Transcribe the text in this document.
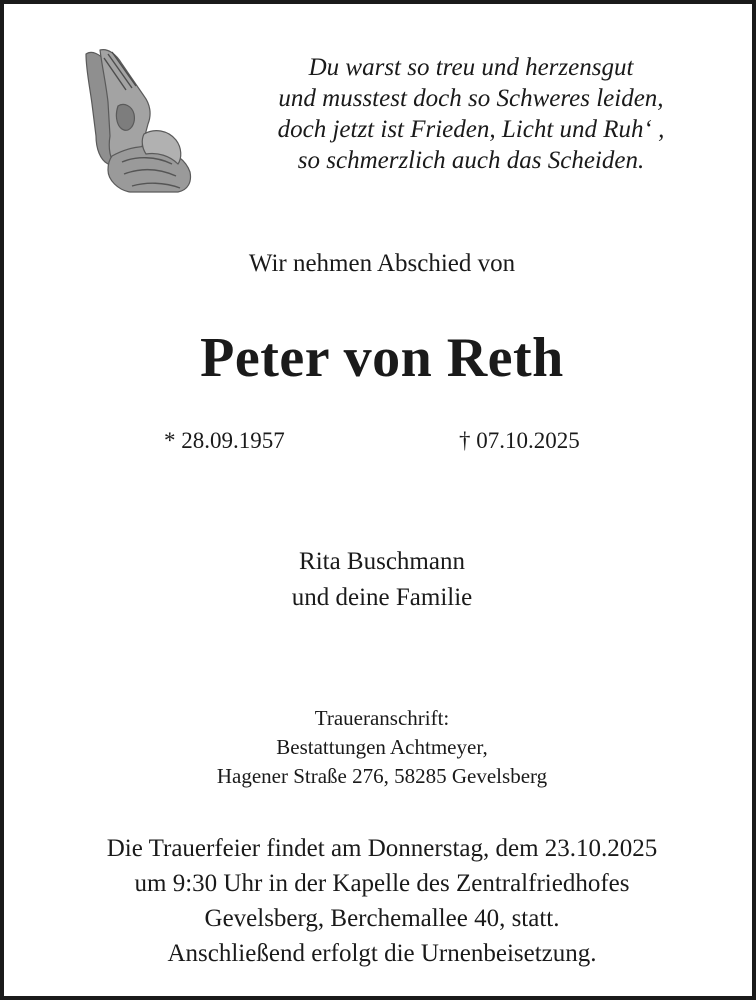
Du warst so treu und herzensgut
und musstest doch so Schweres leiden,
doch jetzt ist Frieden, Licht und Ruh‘ ,
so schmerzlich auch das Scheiden.
Wir nehmen Abschied von
Peter von Reth
* 28.09.1957	† 07.10.2025
Rita Buschmann
und deine Familie
Traueranschrift:
Bestattungen Achtmeyer,
Hagener Straße 276, 58285 Gevelsberg
Die Trauerfeier findet am Donnerstag, dem 23.10.2025
um 9:30 Uhr in der Kapelle des Zentralfriedhofes
Gevelsberg, Berchemallee 40, statt.
Anschließend erfolgt die Urnenbeisetzung.
